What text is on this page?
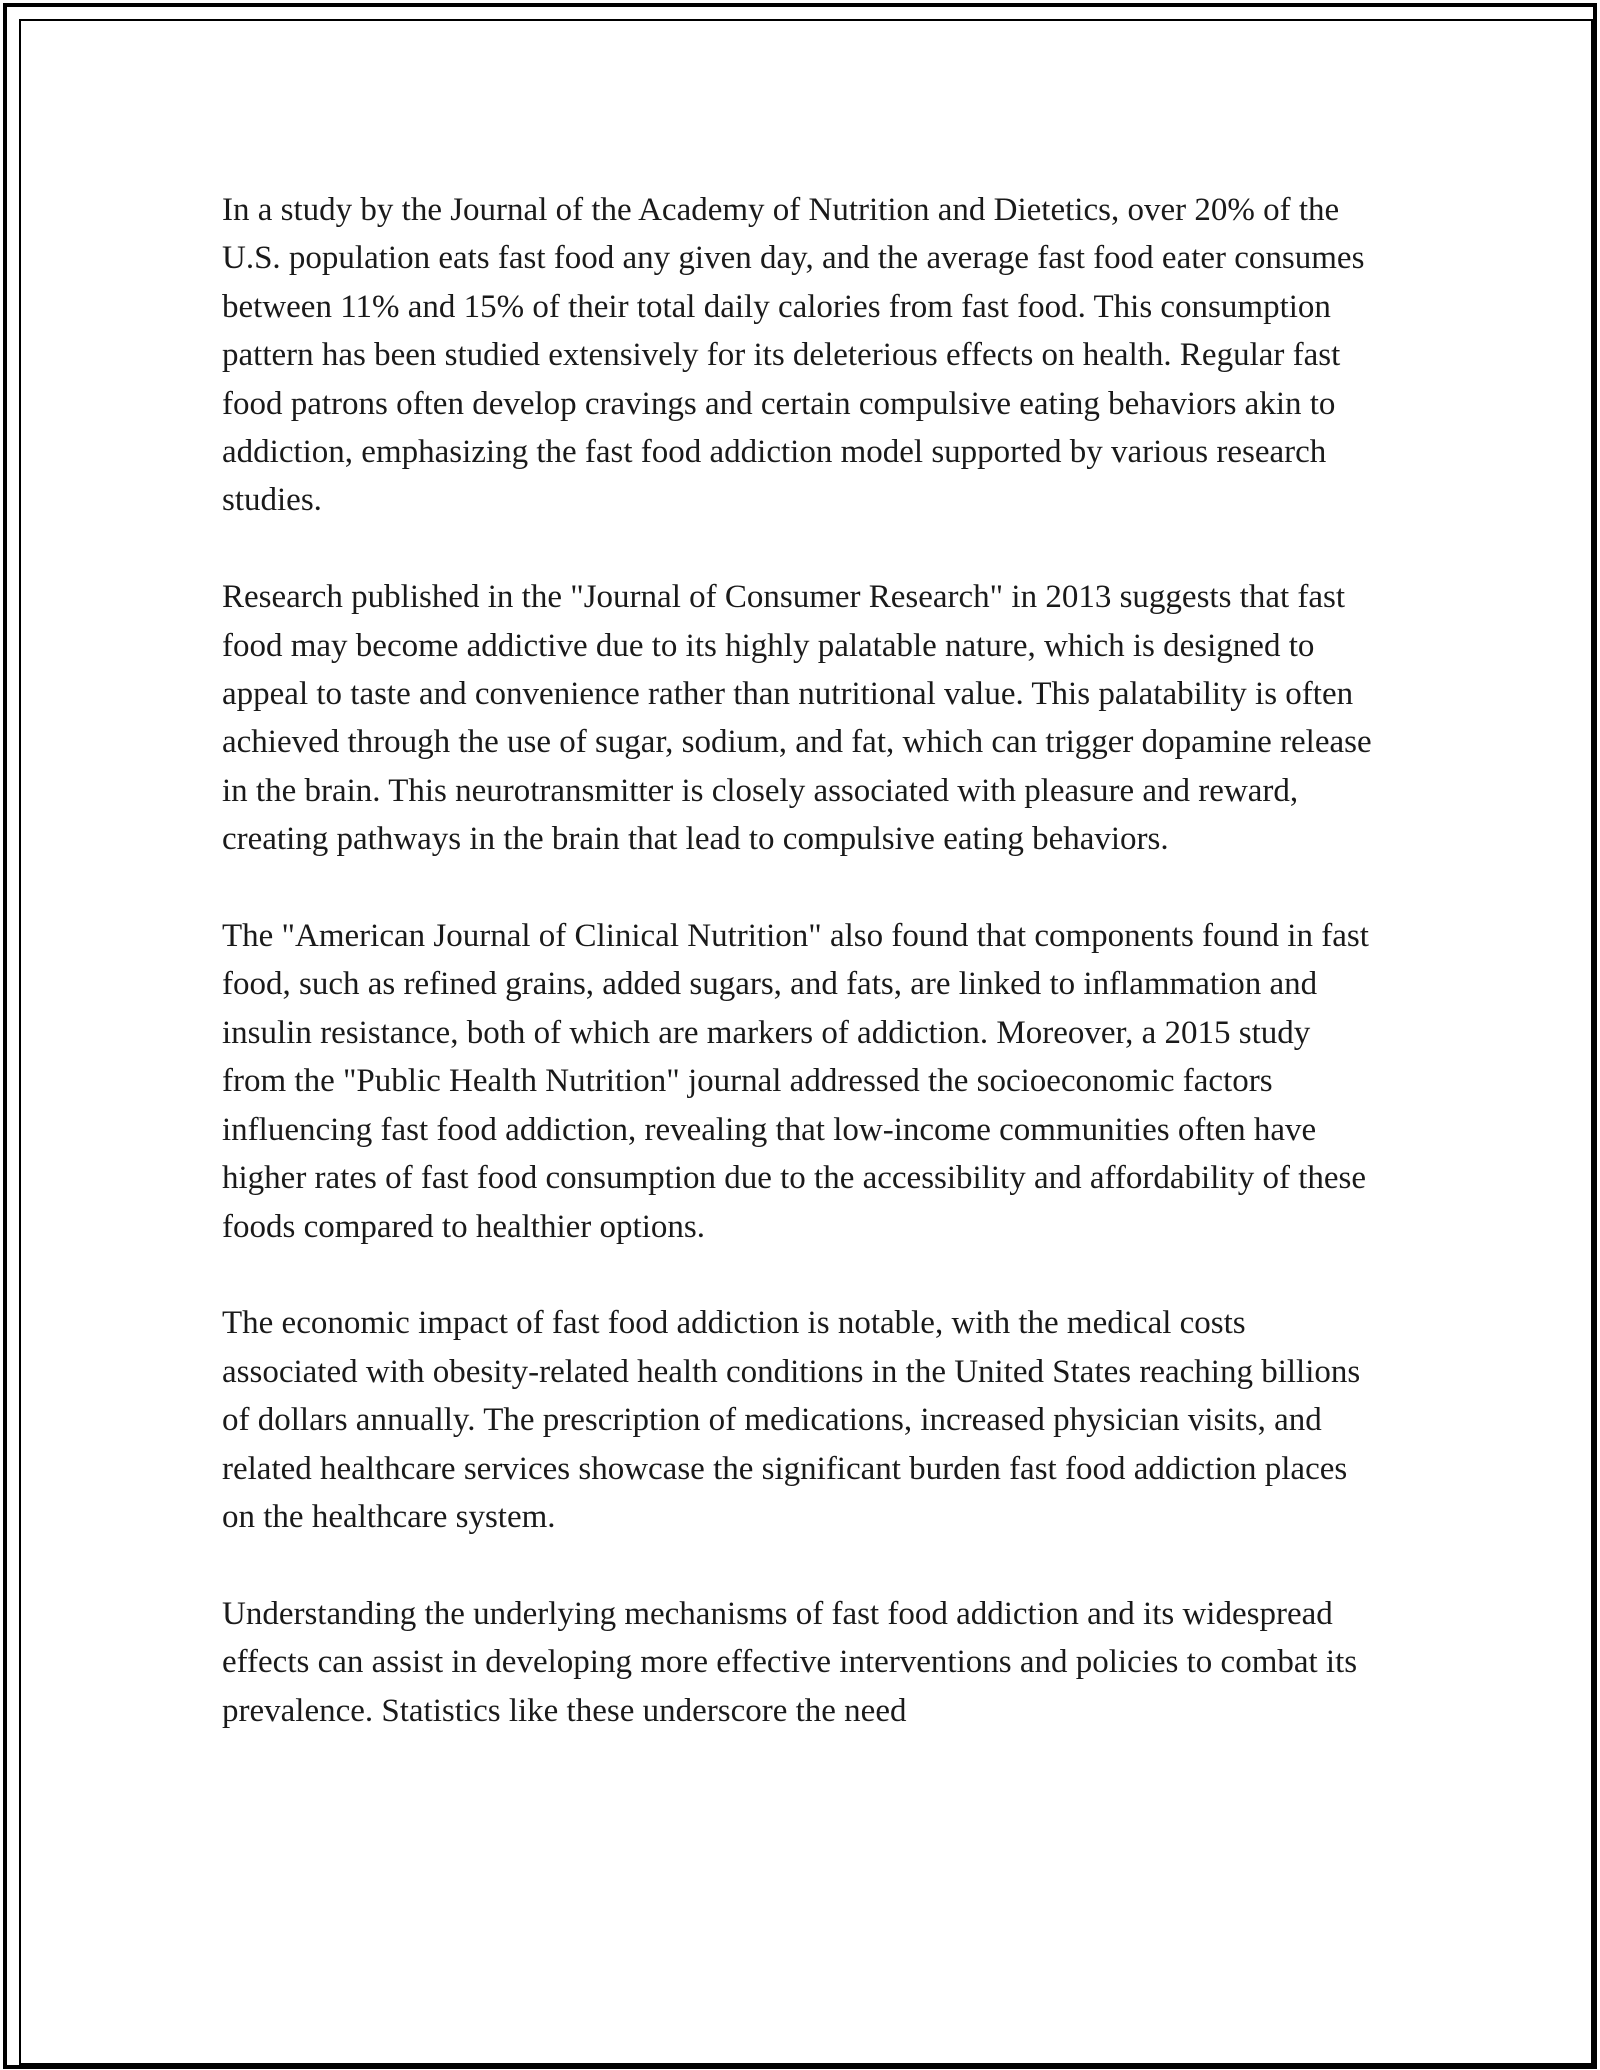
In a study by the Journal of the Academy of Nutrition and Dietetics, over 20% of the U.S. population eats fast food any given day, and the average fast food eater consumes between 11% and 15% of their total daily calories from fast food. This consumption pattern has been studied extensively for its deleterious effects on health. Regular fast food patrons often develop cravings and certain compulsive eating behaviors akin to addiction, emphasizing the fast food addiction model supported by various research studies.

Research published in the "Journal of Consumer Research" in 2013 suggests that fast food may become addictive due to its highly palatable nature, which is designed to appeal to taste and convenience rather than nutritional value. This palatability is often achieved through the use of sugar, sodium, and fat, which can trigger dopamine release in the brain. This neurotransmitter is closely associated with pleasure and reward, creating pathways in the brain that lead to compulsive eating behaviors.

The "American Journal of Clinical Nutrition" also found that components found in fast food, such as refined grains, added sugars, and fats, are linked to inflammation and insulin resistance, both of which are markers of addiction. Moreover, a 2015 study from the "Public Health Nutrition" journal addressed the socioeconomic factors influencing fast food addiction, revealing that low-income communities often have higher rates of fast food consumption due to the accessibility and affordability of these foods compared to healthier options.

The economic impact of fast food addiction is notable, with the medical costs associated with obesity-related health conditions in the United States reaching billions of dollars annually. The prescription of medications, increased physician visits, and related healthcare services showcase the significant burden fast food addiction places on the healthcare system.

Understanding the underlying mechanisms of fast food addiction and its widespread effects can assist in developing more effective interventions and policies to combat its prevalence. Statistics like these underscore the need
